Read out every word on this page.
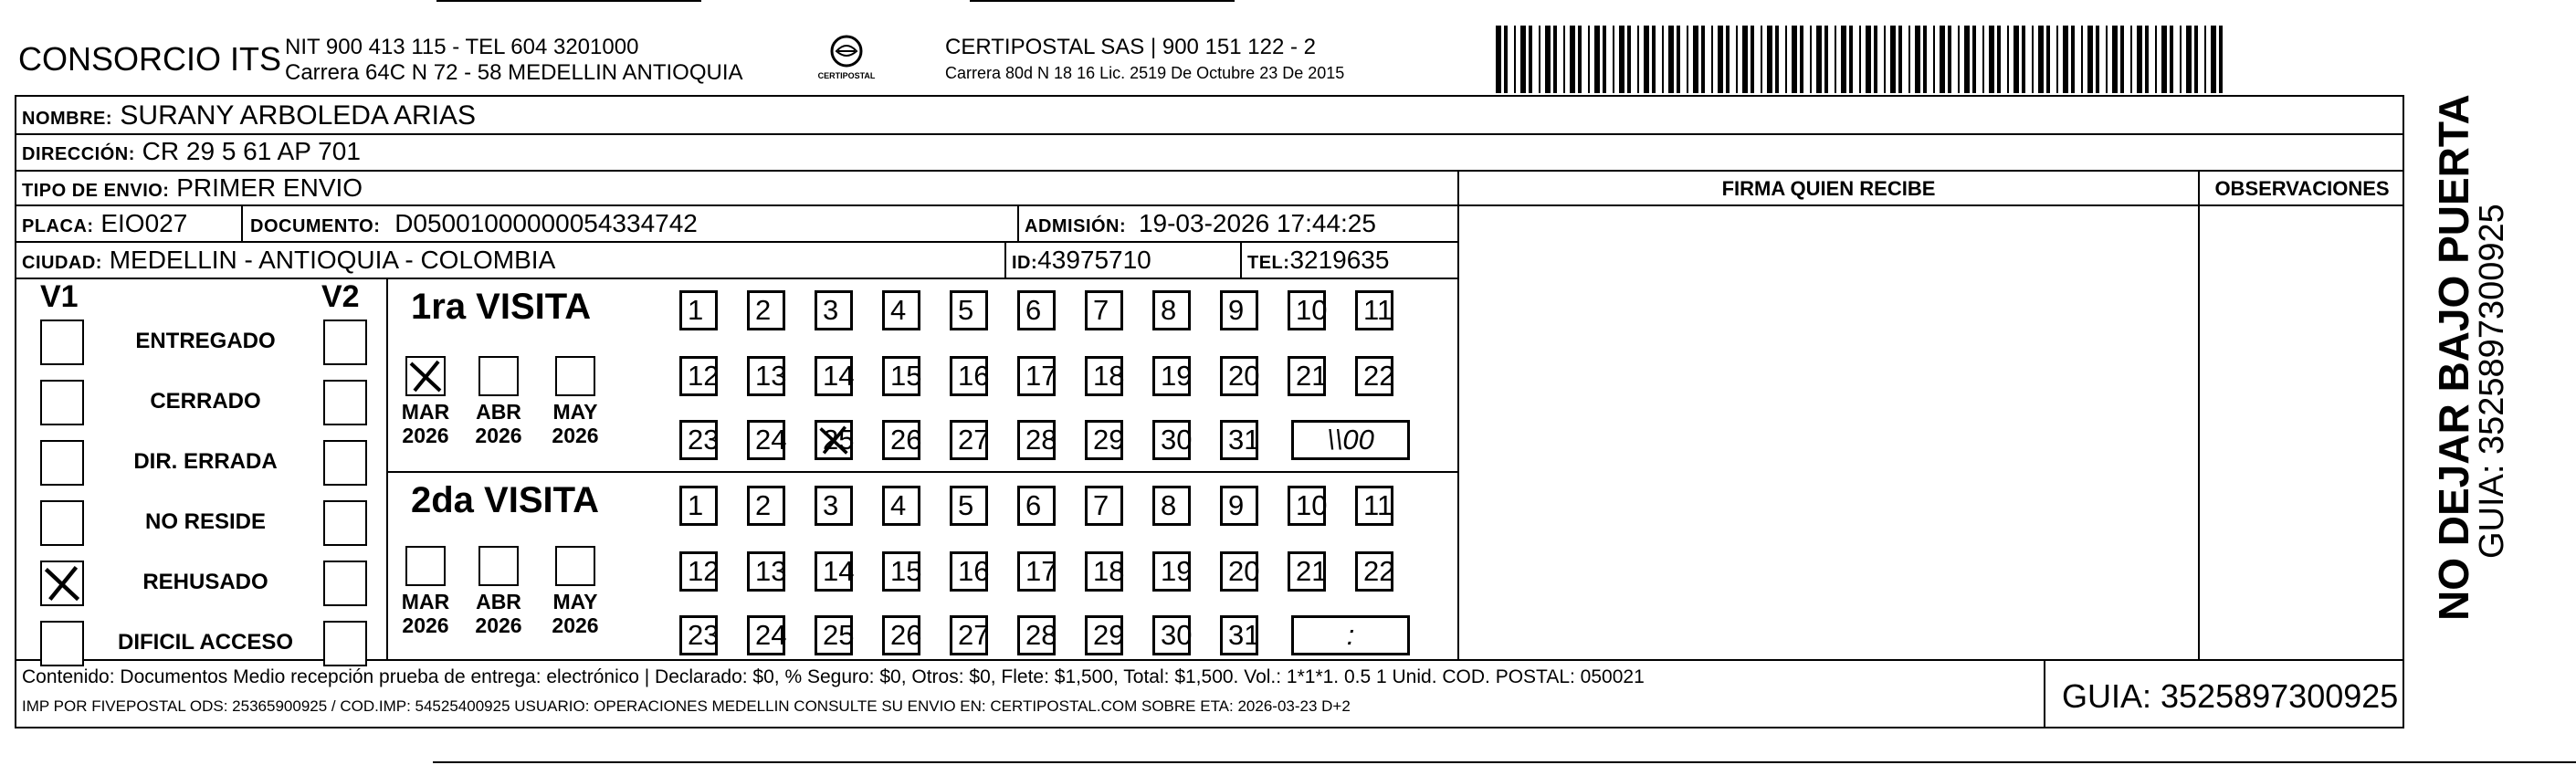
CONSORCIO ITS NIT 900 413 115 - TEL 604 3201000
Carrera 64C N 72 - 58 MEDELLIN ANTIOQUIA	CERTIPOSTAL
CERTIPOSTAL SAS | 900 151 122 - 2
Carrera 80d N 18 16 Lic. 2519 De Octubre 23 De 2015
NOMBRE: SURANY ARBOLEDA ARIAS
DIRECCIÓN: CR 29 5 61 AP 701
TIPO DE ENVIO: PRIMER ENVIO	FIRMA QUIEN RECIBE	OBSERVACIONES
PLACA: EIO027	DOCUMENTO: D05001000000054334742	ADMISIÓN: 19-03-2026 17:44:25
CIUDAD: MEDELLIN - ANTIOQUIA - COLOMBIA	ID:43975710	TEL:3219635
V1	V2
ENTREGADO
CERRADO
DIR. ERRADA
NO RESIDE
REHUSADO
DIFICIL ACCESO
1ra VISITA
MAR
2026
ABR
2026
MAY
2026
1	2	3	4	5	6	7	8	9	10 11
12 13 14 15 16 17 18 19 20 21 22
23 24 25 26 27 28 29 30 31	\\00
2da VISITA
MAR
2026
ABR
2026
MAY
2026
1	2	3	4	5	6	7	8	9	10 11
12 13 14 15 16 17 18 19 20 21 22
23 24 25 26 27 28 29 30 31	:
NO DEJAR BAJO PUERTA
GUIA: 3525897300925
Contenido: Documentos Medio recepción prueba de entrega: electrónico | Declarado: $0, % Seguro: $0, Otros: $0, Flete: $1,500, Total: $1,500. Vol.: 1*1*1. 0.5 1 Unid. COD. POSTAL: 050021
IMP POR FIVEPOSTAL ODS: 25365900925 / COD.IMP: 54525400925 USUARIO: OPERACIONES MEDELLIN CONSULTE SU ENVIO EN: CERTIPOSTAL.COM SOBRE ETA: 2026-03-23 D+2	GUIA: 3525897300925
